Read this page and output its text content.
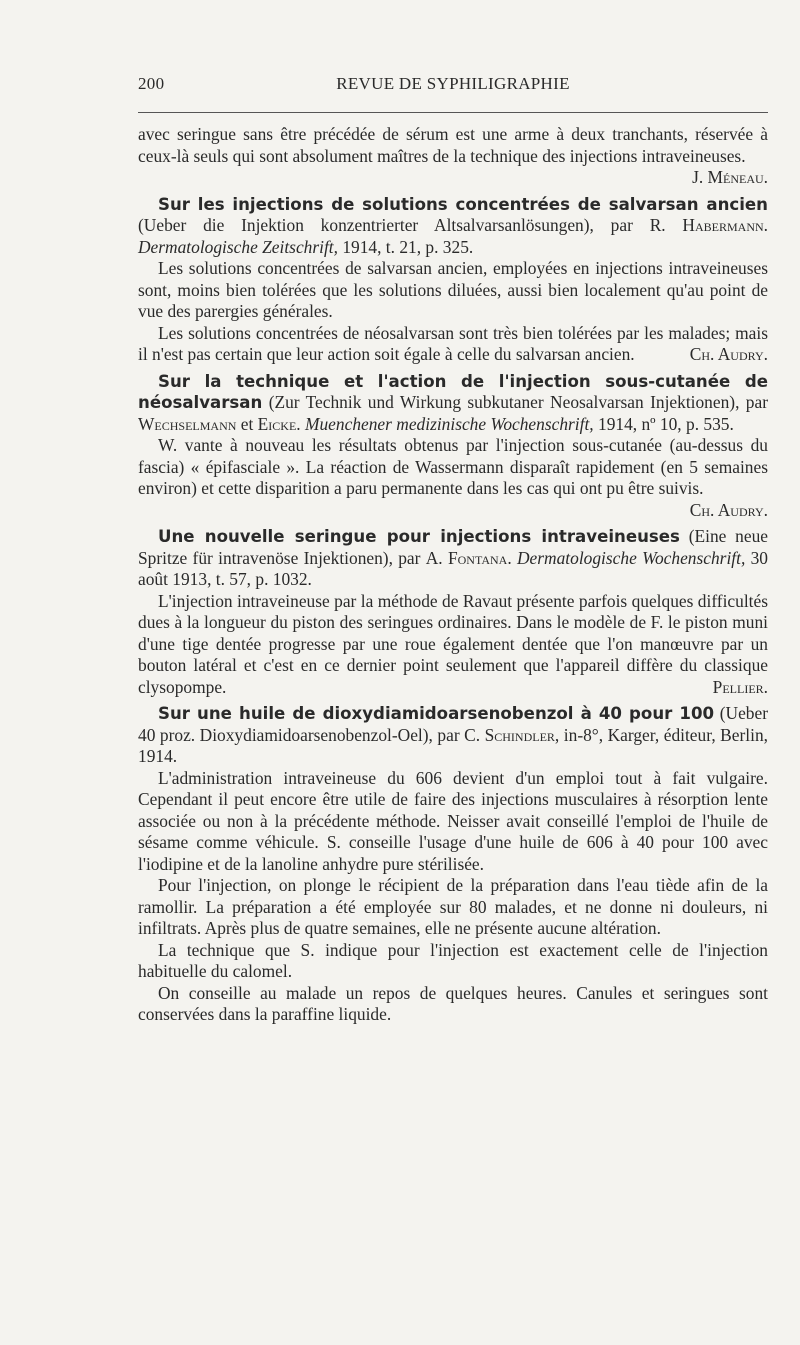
200	REVUE DE SYPHILIGRAPHIE

avec seringue sans être précédée de sérum est une arme à deux tranchants, réservée à ceux-là seuls qui sont absolument maîtres de la technique des injections intraveineuses.
J. Méneau.

Sur les injections de solutions concentrées de salvarsan ancien (Ueber die Injektion konzentrierter Altsalvarsanlösungen), par R. Habermann. Dermatologische Zeitschrift, 1914, t. 21, p. 325.

Les solutions concentrées de salvarsan ancien, employées en injections intraveineuses sont, moins bien tolérées que les solutions diluées, aussi bien localement qu'au point de vue des parergies générales.

Les solutions concentrées de néosalvarsan sont très bien tolérées par les malades; mais il n'est pas certain que leur action soit égale à celle du salvarsan ancien.	Ch. Audry.

Sur la technique et l'action de l'injection sous-cutanée de néosalvarsan (Zur Technik und Wirkung subkutaner Neosalvarsan Injektionen), par Wechselmann et Eicke. Muenchener medizinische Wochenschrift, 1914, nº 10, p. 535.

W. vante à nouveau les résultats obtenus par l'injection sous-cutanée (au-dessus du fascia) « épifasciale ». La réaction de Wassermann disparaît rapidement (en 5 semaines environ) et cette disparition a paru permanente dans les cas qui ont pu être suivis.
Ch. Audry.

Une nouvelle seringue pour injections intraveineuses (Eine neue Spritze für intravenöse Injektionen), par A. Fontana. Dermatologische Wochenschrift, 30 août 1913, t. 57, p. 1032.

L'injection intraveineuse par la méthode de Ravaut présente parfois quelques difficultés dues à la longueur du piston des seringues ordinaires. Dans le modèle de F. le piston muni d'une tige dentée progresse par une roue également dentée que l'on manœuvre par un bouton latéral et c'est en ce dernier point seulement que l'appareil diffère du classique clysopompe.	Pellier.

Sur une huile de dioxydiamidoarsenobenzol à 40 pour 100 (Ueber 40 proz. Dioxydiamidoarsenobenzol-Oel), par C. Schindler, in-8°, Karger, éditeur, Berlin, 1914.

L'administration intraveineuse du 606 devient d'un emploi tout à fait vulgaire. Cependant il peut encore être utile de faire des injections musculaires à résorption lente associée ou non à la précédente méthode. Neisser avait conseillé l'emploi de l'huile de sésame comme véhicule. S. conseille l'usage d'une huile de 606 à 40 pour 100 avec l'iodipine et de la lanoline anhydre pure stérilisée.

Pour l'injection, on plonge le récipient de la préparation dans l'eau tiède afin de la ramollir. La préparation a été employée sur 80 malades, et ne donne ni douleurs, ni infiltrats. Après plus de quatre semaines, elle ne présente aucune altération.

La technique que S. indique pour l'injection est exactement celle de l'injection habituelle du calomel.

On conseille au malade un repos de quelques heures. Canules et seringues sont conservées dans la paraffine liquide.
